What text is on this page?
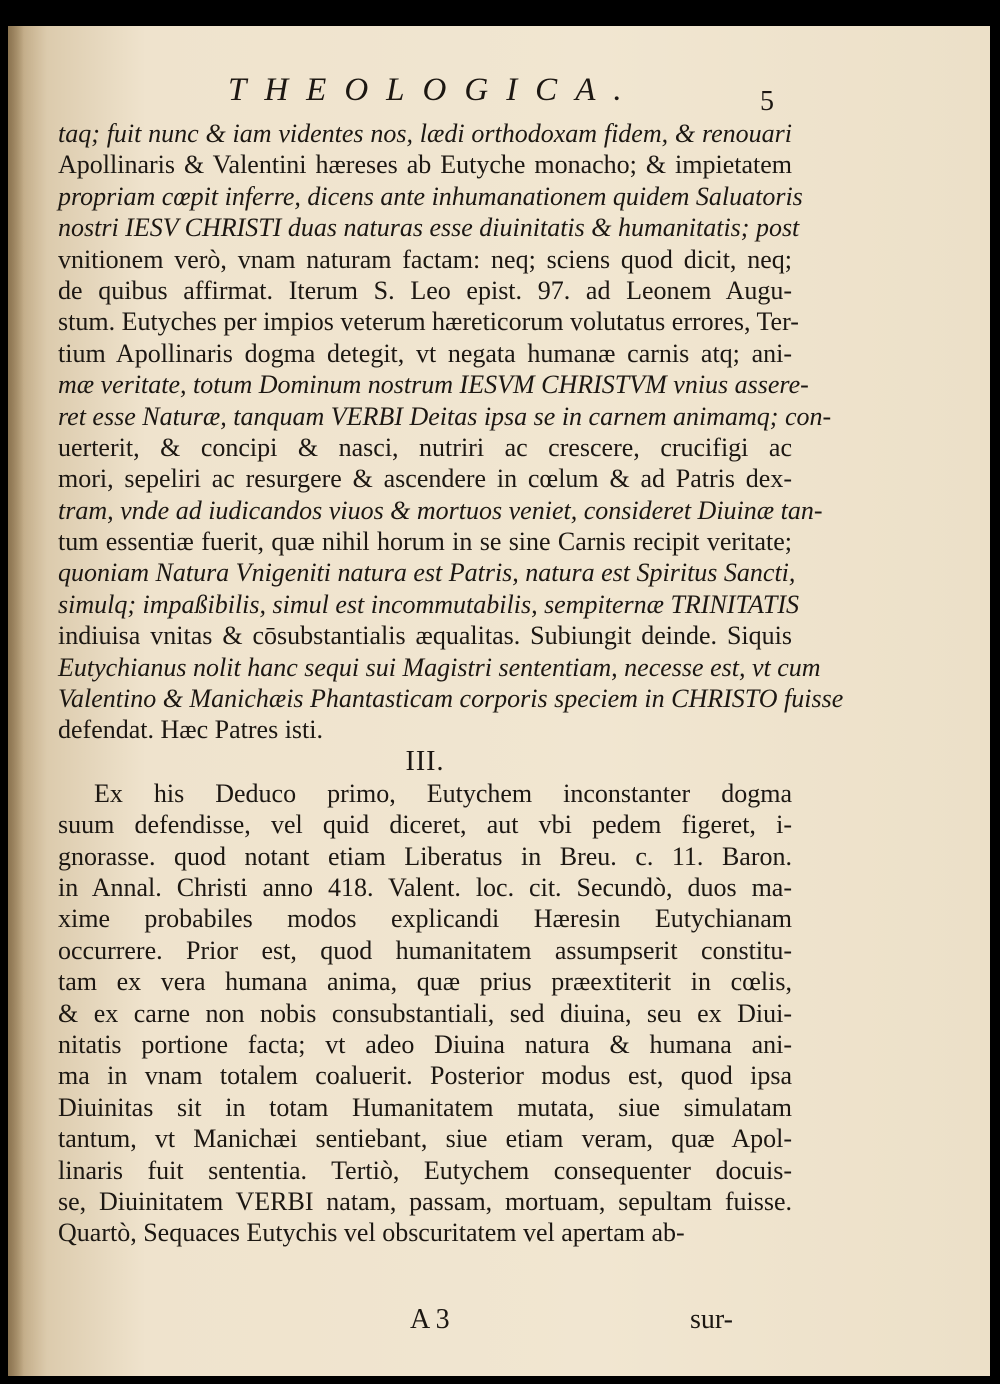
THEOLOGICA.	5
taq; fuit nunc & iam videntes nos, lædi orthodoxam fidem, & renouari
Apollinaris & Valentini hæreses ab Eutyche monacho; & impietatem
propriam cœpit inferre, dicens ante inhumanationem quidem Saluatoris
nostri IESV CHRISTI duas naturas esse diuinitatis & humanitatis; post
vnitionem verò, vnam naturam factam: neq; sciens quod dicit, neq;
de quibus affirmat. Iterum S. Leo epist. 97. ad Leonem Augu-
stum. Eutyches per impios veterum hæreticorum volutatus errores, Ter-
tium Apollinaris dogma detegit, vt negata humanæ carnis atq; ani-
mæ veritate, totum Dominum nostrum IESVM CHRISTVM vnius assere-
ret esse Naturæ, tanquam VERBI Deitas ipsa se in carnem animamq; con-
uerterit, & concipi & nasci, nutriri ac crescere, crucifigi ac
mori, sepeliri ac resurgere & ascendere in cœlum & ad Patris dex-
tram, vnde ad iudicandos viuos & mortuos veniet, consideret Diuinæ tan-
tum essentiæ fuerit, quæ nihil horum in se sine Carnis recipit veritate;
quoniam Natura Vnigeniti natura est Patris, natura est Spiritus Sancti,
simulq; impaßibilis, simul est incommutabilis, sempiternæ TRINITATIS
indiuisa vnitas & cōsubstantialis æqualitas. Subiungit deinde. Siquis
Eutychianus nolit hanc sequi sui Magistri sententiam, necesse est, vt cum
Valentino & Manichæis Phantasticam corporis speciem in CHRISTO fuisse
defendat. Hæc Patres isti.
III.
Ex his Deduco primo, Eutychem inconstanter dogma
suum defendisse, vel quid diceret, aut vbi pedem figeret, i-
gnorasse. quod notant etiam Liberatus in Breu. c. 11. Baron.
in Annal. Christi anno 418. Valent. loc. cit. Secundò, duos ma-
xime probabiles modos explicandi Hæresin Eutychianam
occurrere. Prior est, quod humanitatem assumpserit constitu-
tam ex vera humana anima, quæ prius præextiterit in cœlis,
& ex carne non nobis consubstantiali, sed diuina, seu ex Diui-
nitatis portione facta; vt adeo Diuina natura & humana ani-
ma in vnam totalem coaluerit. Posterior modus est, quod ipsa
Diuinitas sit in totam Humanitatem mutata, siue simulatam
tantum, vt Manichæi sentiebant, siue etiam veram, quæ Apol-
linaris fuit sententia. Tertiò, Eutychem consequenter docuis-
se, Diuinitatem VERBI natam, passam, mortuam, sepultam fuisse.
Quartò, Sequaces Eutychis vel obscuritatem vel apertam ab-
A 3	sur-
